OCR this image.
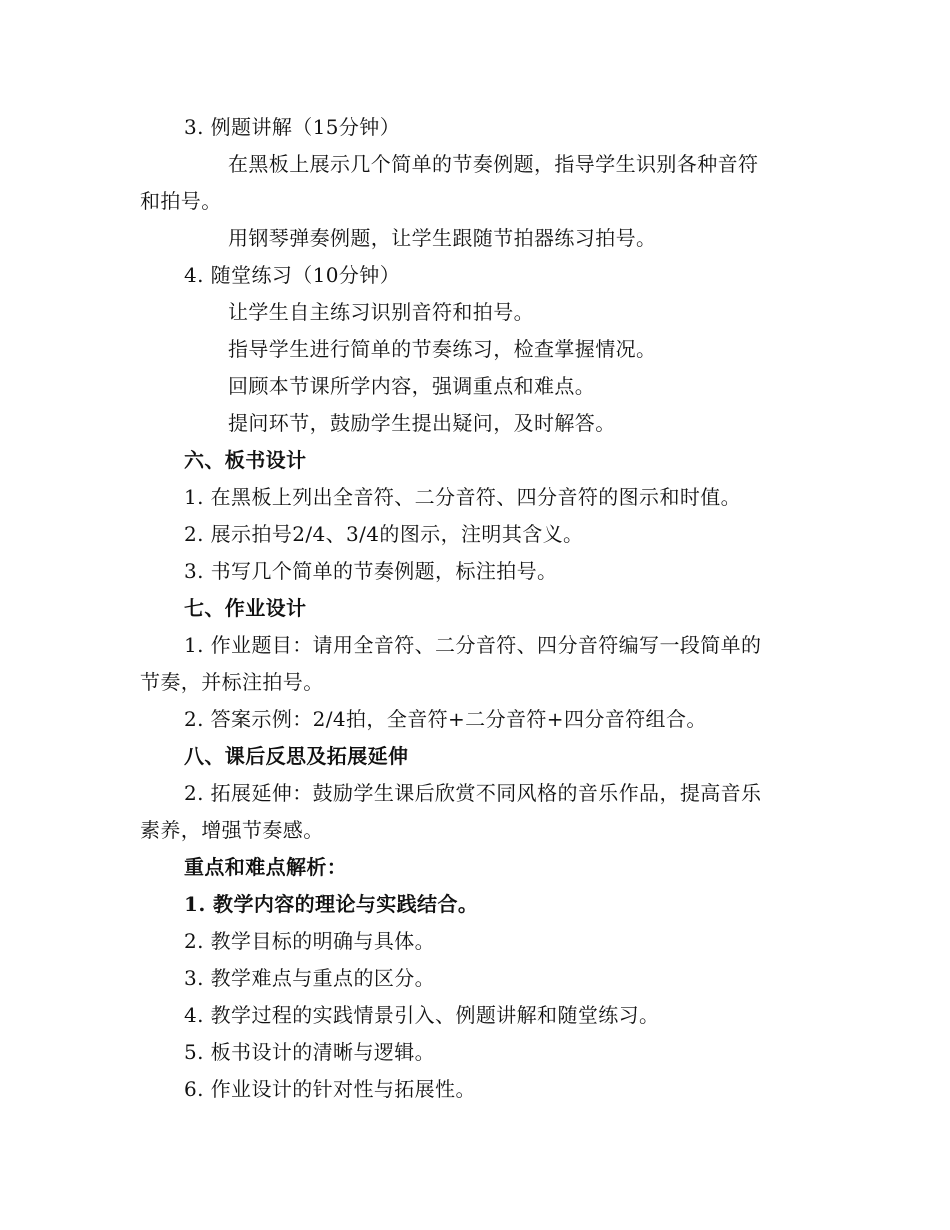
3. 例题讲解（15分钟）
在黑板上展示几个简单的节奏例题，指导学生识别各种音符
和拍号。
用钢琴弹奏例题，让学生跟随节拍器练习拍号。
4. 随堂练习（10分钟）
让学生自主练习识别音符和拍号。
指导学生进行简单的节奏练习，检查掌握情况。
回顾本节课所学内容，强调重点和难点。
提问环节，鼓励学生提出疑问，及时解答。
六、板书设计
1. 在黑板上列出全音符、二分音符、四分音符的图示和时值。
2. 展示拍号2/4、3/4的图示，注明其含义。
3. 书写几个简单的节奏例题，标注拍号。
七、作业设计
1. 作业题目：请用全音符、二分音符、四分音符编写一段简单的
节奏，并标注拍号。
2. 答案示例：2/4拍，全音符+二分音符+四分音符组合。
八、课后反思及拓展延伸
2. 拓展延伸：鼓励学生课后欣赏不同风格的音乐作品，提高音乐
素养，增强节奏感。
重点和难点解析：
1. 教学内容的理论与实践结合。
2. 教学目标的明确与具体。
3. 教学难点与重点的区分。
4. 教学过程的实践情景引入、例题讲解和随堂练习。
5. 板书设计的清晰与逻辑。
6. 作业设计的针对性与拓展性。
